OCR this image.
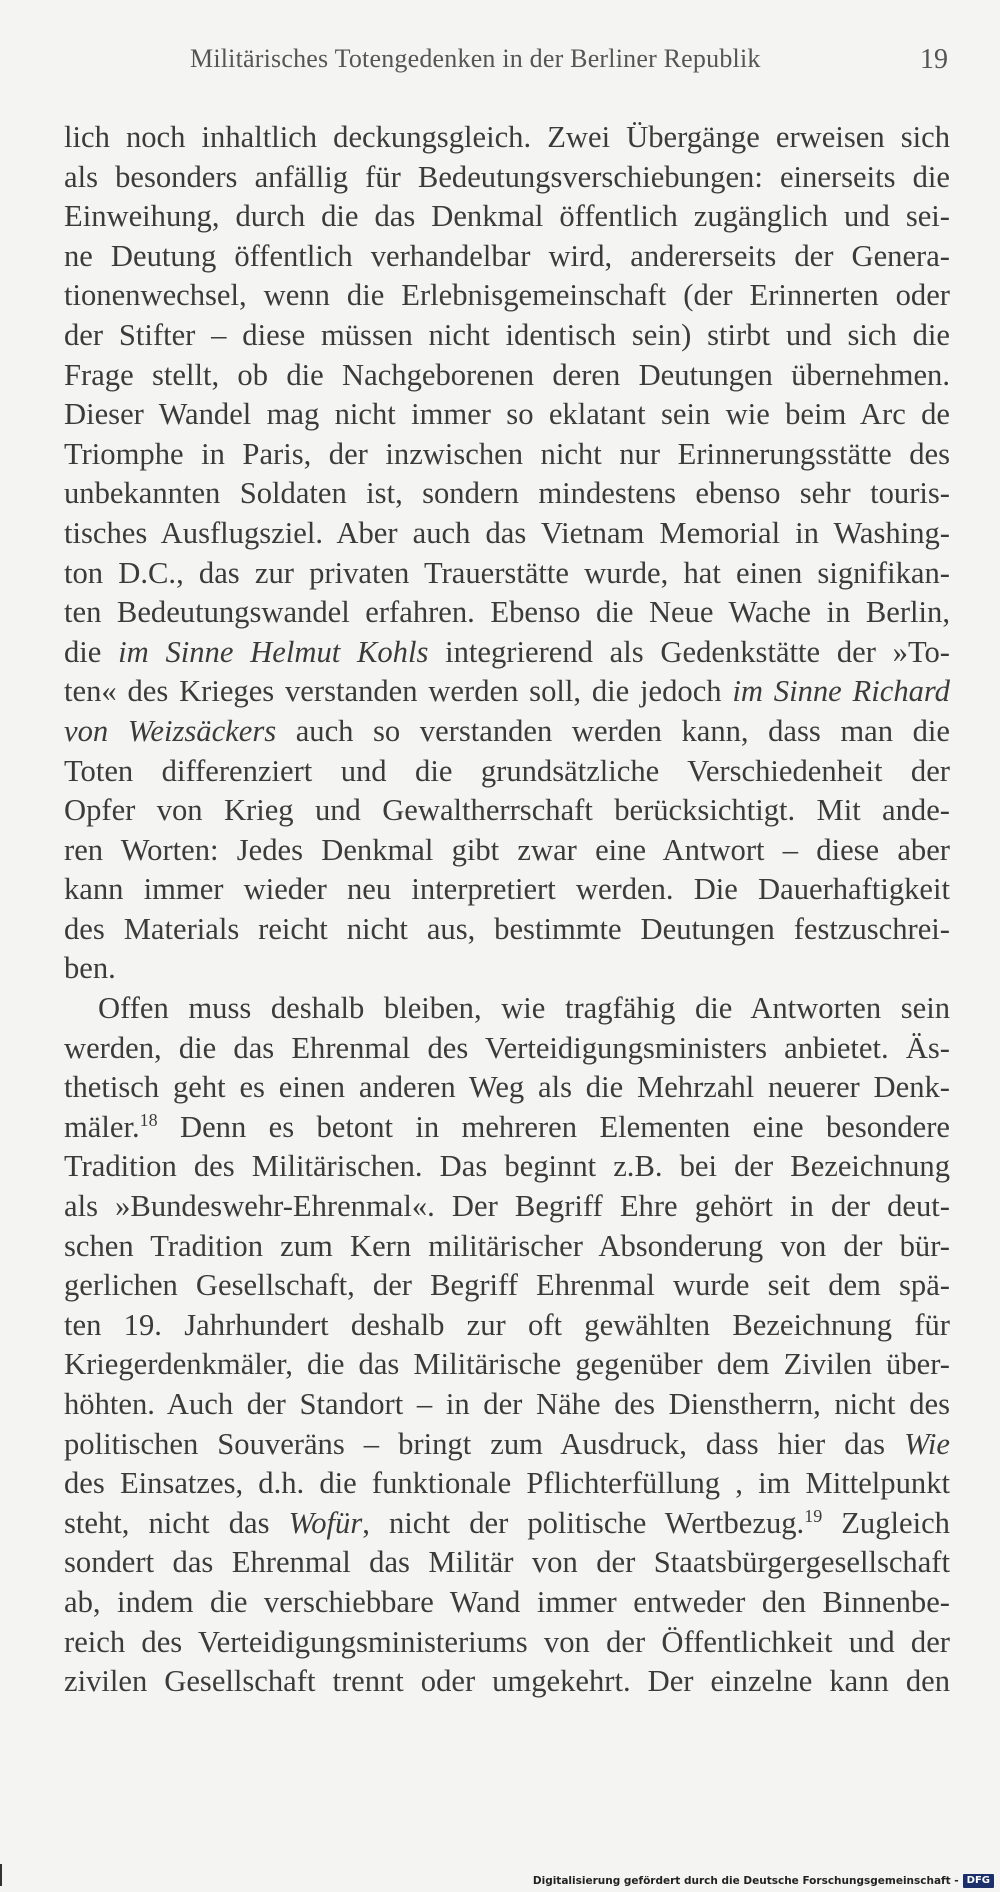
Militärisches Totengedenken in der Berliner Republik	19
lich noch inhaltlich deckungsgleich. Zwei Übergänge erweisen sich
als besonders anfällig für Bedeutungsverschiebungen: einerseits die
Einweihung, durch die das Denkmal öffentlich zugänglich und sei-
ne Deutung öffentlich verhandelbar wird, andererseits der Genera-
tionenwechsel, wenn die Erlebnisgemeinschaft (der Erinnerten oder
der Stifter – diese müssen nicht identisch sein) stirbt und sich die
Frage stellt, ob die Nachgeborenen deren Deutungen übernehmen.
Dieser Wandel mag nicht immer so eklatant sein wie beim Arc de
Triomphe in Paris, der inzwischen nicht nur Erinnerungsstätte des
unbekannten Soldaten ist, sondern mindestens ebenso sehr touris-
tisches Ausflugsziel. Aber auch das Vietnam Memorial in Washing-
ton D.C., das zur privaten Trauerstätte wurde, hat einen signifikan-
ten Bedeutungswandel erfahren. Ebenso die Neue Wache in Berlin,
die im Sinne Helmut Kohls integrierend als Gedenkstätte der »To-
ten« des Krieges verstanden werden soll, die jedoch im Sinne Richard
von Weizsäckers auch so verstanden werden kann, dass man die
Toten differenziert und die grundsätzliche Verschiedenheit der
Opfer von Krieg und Gewaltherrschaft berücksichtigt. Mit ande-
ren Worten: Jedes Denkmal gibt zwar eine Antwort – diese aber
kann immer wieder neu interpretiert werden. Die Dauerhaftigkeit
des Materials reicht nicht aus, bestimmte Deutungen festzuschrei-
ben.
Offen muss deshalb bleiben, wie tragfähig die Antworten sein
werden, die das Ehrenmal des Verteidigungsministers anbietet. Äs-
thetisch geht es einen anderen Weg als die Mehrzahl neuerer Denk-
mäler.$^{18}$ Denn es betont in mehreren Elementen eine besondere
Tradition des Militärischen. Das beginnt z.B. bei der Bezeichnung
als »Bundeswehr-Ehrenmal«. Der Begriff Ehre gehört in der deut-
schen Tradition zum Kern militärischer Absonderung von der bür-
gerlichen Gesellschaft, der Begriff Ehrenmal wurde seit dem spä-
ten 19. Jahrhundert deshalb zur oft gewählten Bezeichnung für
Kriegerdenkmäler, die das Militärische gegenüber dem Zivilen über-
höhten. Auch der Standort – in der Nähe des Dienstherrn, nicht des
politischen Souveräns – bringt zum Ausdruck, dass hier das Wie
des Einsatzes, d.h. die funktionale Pflichterfüllung , im Mittelpunkt
steht, nicht das Wofür, nicht der politische Wertbezug.$^{19}$ Zugleich
sondert das Ehrenmal das Militär von der Staatsbürgergesellschaft
ab, indem die verschiebbare Wand immer entweder den Binnenbe-
reich des Verteidigungsministeriums von der Öffentlichkeit und der
zivilen Gesellschaft trennt oder umgekehrt. Der einzelne kann den
Digitalisierung gefördert durch die Deutsche Forschungsgemeinschaft - DFG
